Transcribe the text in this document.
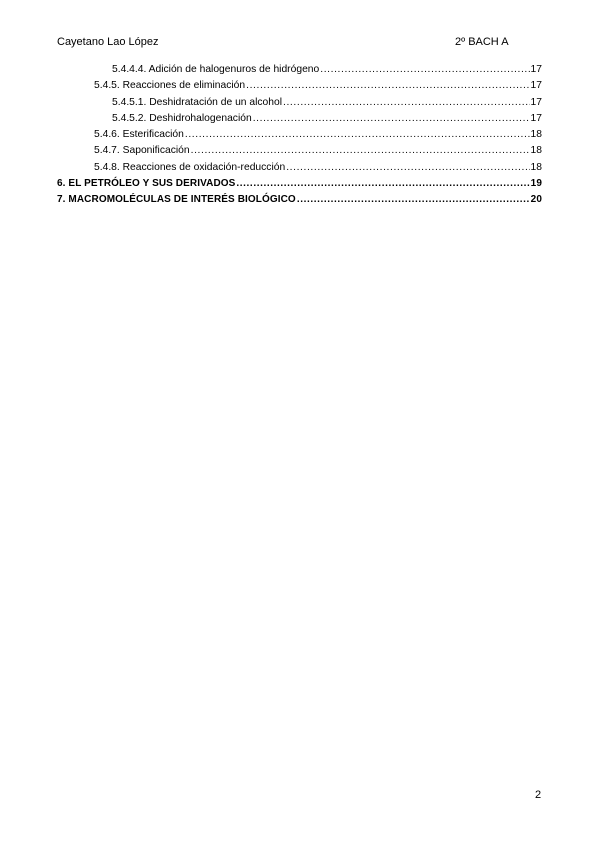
Cayetano Lao López	2º BACH A
5.4.4.4. Adición de halogenuros de hidrógeno .....	17
5.4.5. Reacciones de eliminación .....	17
5.4.5.1. Deshidratación de un alcohol .....	17
5.4.5.2. Deshidrohalogenación .....	17
5.4.6. Esterificación .....	18
5.4.7. Saponificación .....	18
5.4.8. Reacciones de oxidación-reducción .....	18
6. EL PETRÓLEO Y SUS DERIVADOS .....	19
7. MACROMOLÉCULAS DE INTERÉS BIOLÓGICO .....	20
2
